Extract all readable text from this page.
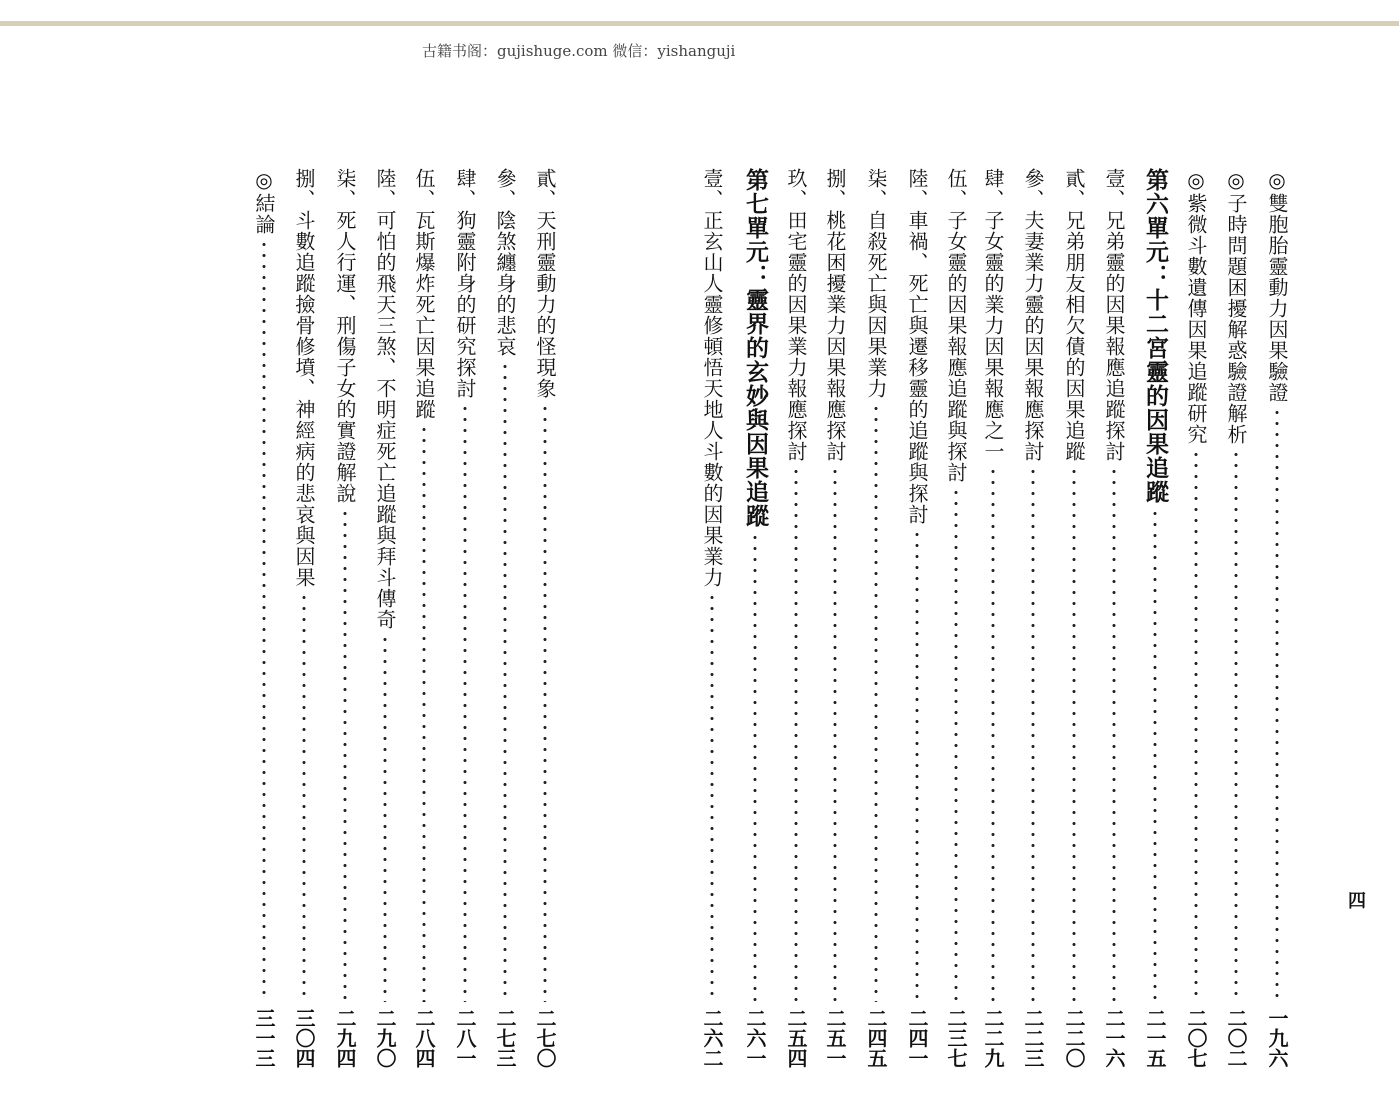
古籍书阁：gujishuge.com 微信：yishanguji
四
◎雙胞胎靈動力因果驗證
一九六
◎子時問題困擾解惑驗證解析
二〇二
◎紫微斗數遺傳因果追蹤研究
二〇七
第六單元：十二宮靈的因果追蹤
二一五
壹、兄弟靈的因果報應追蹤探討
二一六
貳、兄弟朋友相欠債的因果追蹤
二二〇
參、夫妻業力靈的因果報應探討
二二三
肆、子女靈的業力因果報應之一
二二九
伍、子女靈的因果報應追蹤與探討
二三七
陸、車禍、死亡與遷移靈的追蹤與探討
二四一
柒、自殺死亡與因果業力
二四五
捌、桃花困擾業力因果報應探討
二五一
玖、田宅靈的因果業力報應探討
二五四
第七單元：靈界的玄妙與因果追蹤
二六一
壹、正玄山人靈修頓悟天地人斗數的因果業力
二六二
貳、天刑靈動力的怪現象
二七〇
參、陰煞纏身的悲哀
二七三
肆、狗靈附身的研究探討
二八一
伍、瓦斯爆炸死亡因果追蹤
二八四
陸、可怕的飛天三煞、不明症死亡追蹤與拜斗傳奇
二九〇
柒、死人行運、刑傷子女的實證解說
二九四
捌、斗數追蹤撿骨修墳、神經病的悲哀與因果
三〇四
◎結論
三一三
